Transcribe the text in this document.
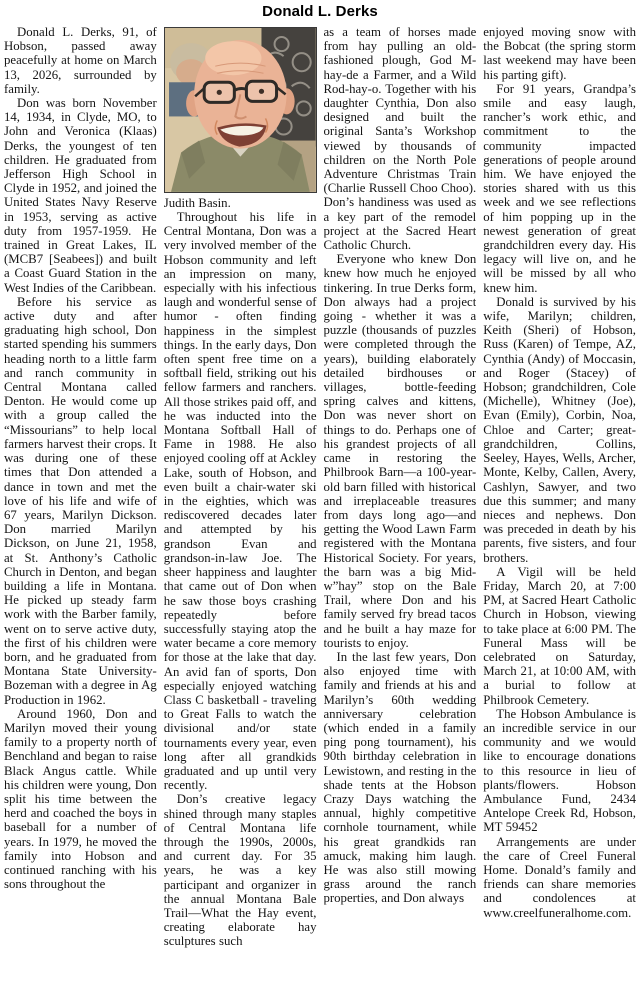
Donald L. Derks

Donald L. Derks, 91, of Hobson, passed away peacefully at home on March 13, 2026, surrounded by family.

Don was born November 14, 1934, in Clyde, MO, to John and Veronica (Klaas) Derks, the youngest of ten children. He graduated from Jefferson High School in Clyde in 1952, and joined the United States Navy Reserve in 1953, serving as active duty from 1957-1959. He trained in Great Lakes, IL (MCB7 [Seabees]) and built a Coast Guard Station in the West Indies of the Caribbean.

Before his service as active duty and after graduating high school, Don started spending his summers heading north to a little farm and ranch community in Central Montana called Denton. He would come up with a group called the “Missourians” to help local farmers harvest their crops. It was during one of these times that Don attended a dance in town and met the love of his life and wife of 67 years, Marilyn Dickson. Don married Marilyn Dickson, on June 21, 1958, at St. Anthony’s Catholic Church in Denton, and began building a life in Montana. He picked up steady farm work with the Barber family, went on to serve active duty, the first of his children were born, and he graduated from Montana State University-Bozeman with a degree in Ag Production in 1962.

Around 1960, Don and Marilyn moved their young family to a property north of Benchland and began to raise Black Angus cattle. While his children were young, Don split his time between the herd and coached the boys in baseball for a number of years. In 1979, he moved the family into Hobson and continued ranching with his sons throughout the

Judith Basin.

Throughout his life in Central Montana, Don was a very involved member of the Hobson community and left an impression on many, especially with his infectious laugh and wonderful sense of humor - often finding happiness in the simplest things. In the early days, Don often spent free time on a softball field, striking out his fellow farmers and ranchers. All those strikes paid off, and he was inducted into the Montana Softball Hall of Fame in 1988. He also enjoyed cooling off at Ackley Lake, south of Hobson, and even built a chair-water ski in the eighties, which was rediscovered decades later and attempted by his grandson Evan and grandson-in-law Joe. The sheer happiness and laughter that came out of Don when he saw those boys crashing repeatedly before successfully staying atop the water became a core memory for those at the lake that day. An avid fan of sports, Don especially enjoyed watching Class C basketball - traveling to Great Falls to watch the divisional and/or state tournaments every year, even long after all grandkids graduated and up until very recently.

Don’s creative legacy shined through many staples of Central Montana life through the 1990s, 2000s, and current day. For 35 years, he was a key participant and organizer in the annual Montana Bale Trail—What the Hay event, creating elaborate hay sculptures such

as a team of horses made from hay pulling an old-fashioned plough, God M-hay-de a Farmer, and a Wild Rod-hay-o. Together with his daughter Cynthia, Don also designed and built the original Santa’s Workshop viewed by thousands of children on the North Pole Adventure Christmas Train (Charlie Russell Choo Choo). Don’s handiness was used as a key part of the remodel project at the Sacred Heart Catholic Church.

Everyone who knew Don knew how much he enjoyed tinkering. In true Derks form, Don always had a project going - whether it was a puzzle (thousands of puzzles were completed through the years), building elaborately detailed birdhouses or villages, bottle-feeding spring calves and kittens, Don was never short on things to do. Perhaps one of his grandest projects of all came in restoring the Philbrook Barn—a 100-year-old barn filled with historical and irreplaceable treasures from days long ago—and getting the Wood Lawn Farm registered with the Montana Historical Society. For years, the barn was a big Mid-w”hay” stop on the Bale Trail, where Don and his family served fry bread tacos and he built a hay maze for tourists to enjoy.

In the last few years, Don also enjoyed time with family and friends at his and Marilyn’s 60th wedding anniversary celebration (which ended in a family ping pong tournament), his 90th birthday celebration in Lewistown, and resting in the shade tents at the Hobson Crazy Days watching the annual, highly competitive cornhole tournament, while his great grandkids ran amuck, making him laugh. He was also still mowing grass around the ranch properties, and Don always

enjoyed moving snow with the Bobcat (the spring storm last weekend may have been his parting gift).

For 91 years, Grandpa’s smile and easy laugh, rancher’s work ethic, and commitment to the community impacted generations of people around him. We have enjoyed the stories shared with us this week and we see reflections of him popping up in the newest generation of great grandchildren every day. His legacy will live on, and he will be missed by all who knew him.

Donald is survived by his wife, Marilyn; children, Keith (Sheri) of Hobson, Russ (Karen) of Tempe, AZ, Cynthia (Andy) of Moccasin, and Roger (Stacey) of Hobson; grandchildren, Cole (Michelle), Whitney (Joe), Evan (Emily), Corbin, Noa, Chloe and Carter; great-grandchildren, Collins, Seeley, Hayes, Wells, Archer, Monte, Kelby, Callen, Avery, Cashlyn, Sawyer, and two due this summer; and many nieces and nephews. Don was preceded in death by his parents, five sisters, and four brothers.

A Vigil will be held Friday, March 20, at 7:00 PM, at Sacred Heart Catholic Church in Hobson, viewing to take place at 6:00 PM. The Funeral Mass will be celebrated on Saturday, March 21, at 10:00 AM, with a burial to follow at Philbrook Cemetery.

The Hobson Ambulance is an incredible service in our community and we would like to encourage donations to this resource in lieu of plants/flowers. Hobson Ambulance Fund, 2434 Antelope Creek Rd, Hobson, MT 59452

Arrangements are under the care of Creel Funeral Home. Donald’s family and friends can share memories and condolences at www.creelfuneralhome.com.
